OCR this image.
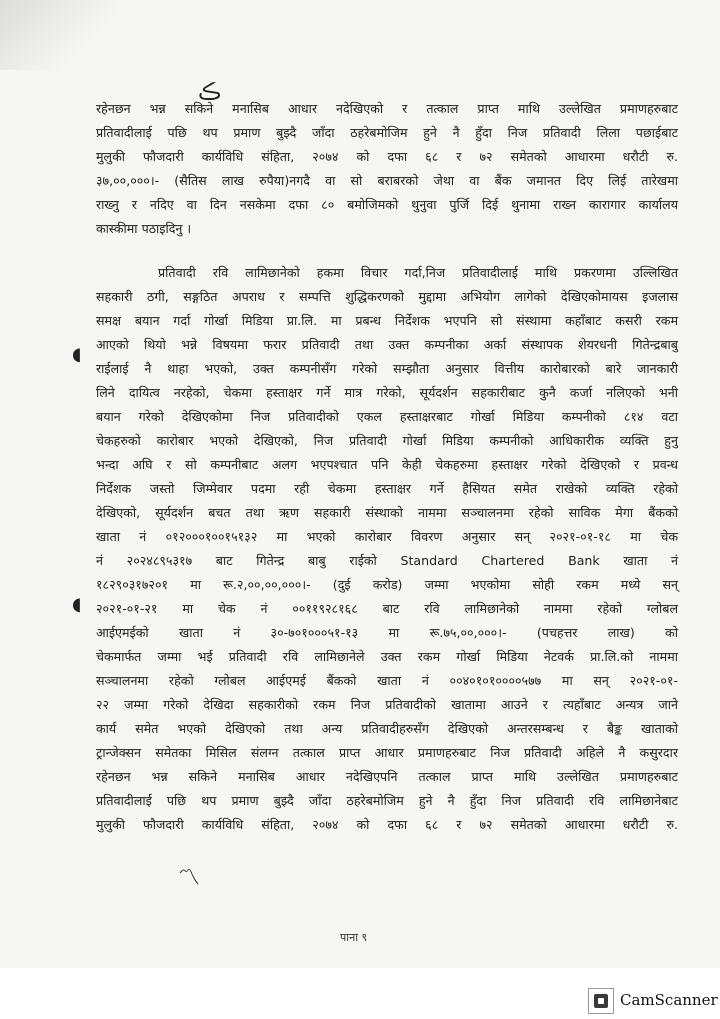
रहेनछन भन्न सकिने मनासिब आधार नदेखिएको र तत्काल प्राप्त माथि उल्लेखित प्रमाणहरुबाट
प्रतिवादीलाई पछि थप प्रमाण बुझ्दै जाँदा ठहरेबमोजिम हुने नै हुँदा निज प्रतिवादी लिला पछाईबाट
मुलुकी फौजदारी कार्यविधि संहिता, २०७४ को दफा ६८ र ७२ समेतको आधारमा धरौटी रु.
३७,००,०००।- (सैतिस लाख रुपैया)नगदै वा सो बराबरको जेथा वा बैंक जमानत दिए लिई तारेखमा
राख्नु र नदिए वा दिन नसकेमा दफा ८० बमोजिमको थुनुवा पुर्जि दिई थुनामा राख्न कारागार कार्यालय
कास्कीमा पठाइदिनु ।
प्रतिवादी रवि लामिछानेको हकमा विचार गर्दा,निज प्रतिवादीलाई माथि प्रकरणमा उल्लिखित
सहकारी ठगी, सङ्गठित अपराध र सम्पत्ति शुद्धिकरणको मुद्दामा अभियोग लागेको देखिएकोमायस इजलास
समक्ष बयान गर्दा गोर्खा मिडिया प्रा.लि. मा प्रबन्ध निर्देशक भएपनि सो संस्थामा कहाँबाट कसरी रकम
आएको थियो भन्ने विषयमा फरार प्रतिवादी तथा उक्त कम्पनीका अर्का संस्थापक शेयरधनी गितेन्द्रबाबु
राईलाई नै थाहा भएको, उक्त कम्पनीसँग गरेको सम्झौता अनुसार वित्तीय कारोबारको बारे जानकारी
लिने दायित्व नरहेको, चेकमा हस्ताक्षर गर्ने मात्र गरेको, सूर्यदर्शन सहकारीबाट कुनै कर्जा नलिएको भनी
बयान गरेको देखिएकोमा निज प्रतिवादीको एकल हस्ताक्षरबाट गोर्खा मिडिया कम्पनीको ८१४ वटा
चेकहरुको कारोबार भएको देखिएको, निज प्रतिवादी गोर्खा मिडिया कम्पनीको आधिकारीक व्यक्ति हुनु
भन्दा अघि र सो कम्पनीबाट अलग भएपश्चात पनि केही चेकहरुमा हस्ताक्षर गरेको देखिएको र प्रवन्ध
निर्देशक जस्तो जिम्मेवार पदमा रही चेकमा हस्ताक्षर गर्ने हैसियत समेत राखेको व्यक्ति रहेको
देखिएको, सूर्यदर्शन बचत तथा ऋण सहकारी संस्थाको नाममा सञ्चालनमा रहेको साविक मेगा बैंकको
खाता नं ०१२०००१००१५१३२ मा भएको कारोबार विवरण अनुसार सन् २०२१-०१-१८ मा चेक
नं २०२४८९५३१७ बाट गितेन्द्र बाबु राईको Standard Chartered Bank खाता नं
१८२९०३१७२०१ मा रू.२,००,००,०००।- (दुई करोड) जम्मा भएकोमा सोही रकम मध्ये सन्
२०२१-०१-२१ मा चेक नं ००११९२८१६८ बाट रवि लामिछानेको नाममा रहेको ग्लोबल
आईएमईको खाता नं ३०-७०१०००५१-१३ मा रू.७५,००,०००।- (पचहत्तर लाख) को
चेकमार्फत जम्मा भई प्रतिवादी रवि लामिछानेले उक्त रकम गोर्खा मिडिया नेटवर्क प्रा.लि.को नाममा
सञ्चालनमा रहेको ग्लोबल आईएमई बैंकको खाता नं ००४०१०१००००५७७ मा सन् २०२१-०१-
२२ जम्मा गरेको देखिदा सहकारीको रकम निज प्रतिवादीको खातामा आउने र त्यहाँबाट अन्यत्र जाने
कार्य समेत भएको देखिएको तथा अन्य प्रतिवादीहरुसँग देखिएको अन्तरसम्बन्ध र बैङ्क खाताको
ट्रान्जेक्सन समेतका मिसिल संलग्न तत्काल प्राप्त आधार प्रमाणहरुबाट निज प्रतिवादी अहिले नै कसुरदार
रहेनछन भन्न सकिने मनासिब आधार नदेखिएपनि तत्काल प्राप्त माथि उल्लेखित प्रमाणहरुबाट
प्रतिवादीलाई पछि थप प्रमाण बुझ्दै जाँदा ठहरेबमोजिम हुने नै हुँदा निज प्रतिवादी रवि लामिछानेबाट
मुलुकी फौजदारी कार्यविधि संहिता, २०७४ को दफा ६८ र ७२ समेतको आधारमा धरौटी रु.
ڪ
◖
◖
〽
पाना ९
CamScanner
